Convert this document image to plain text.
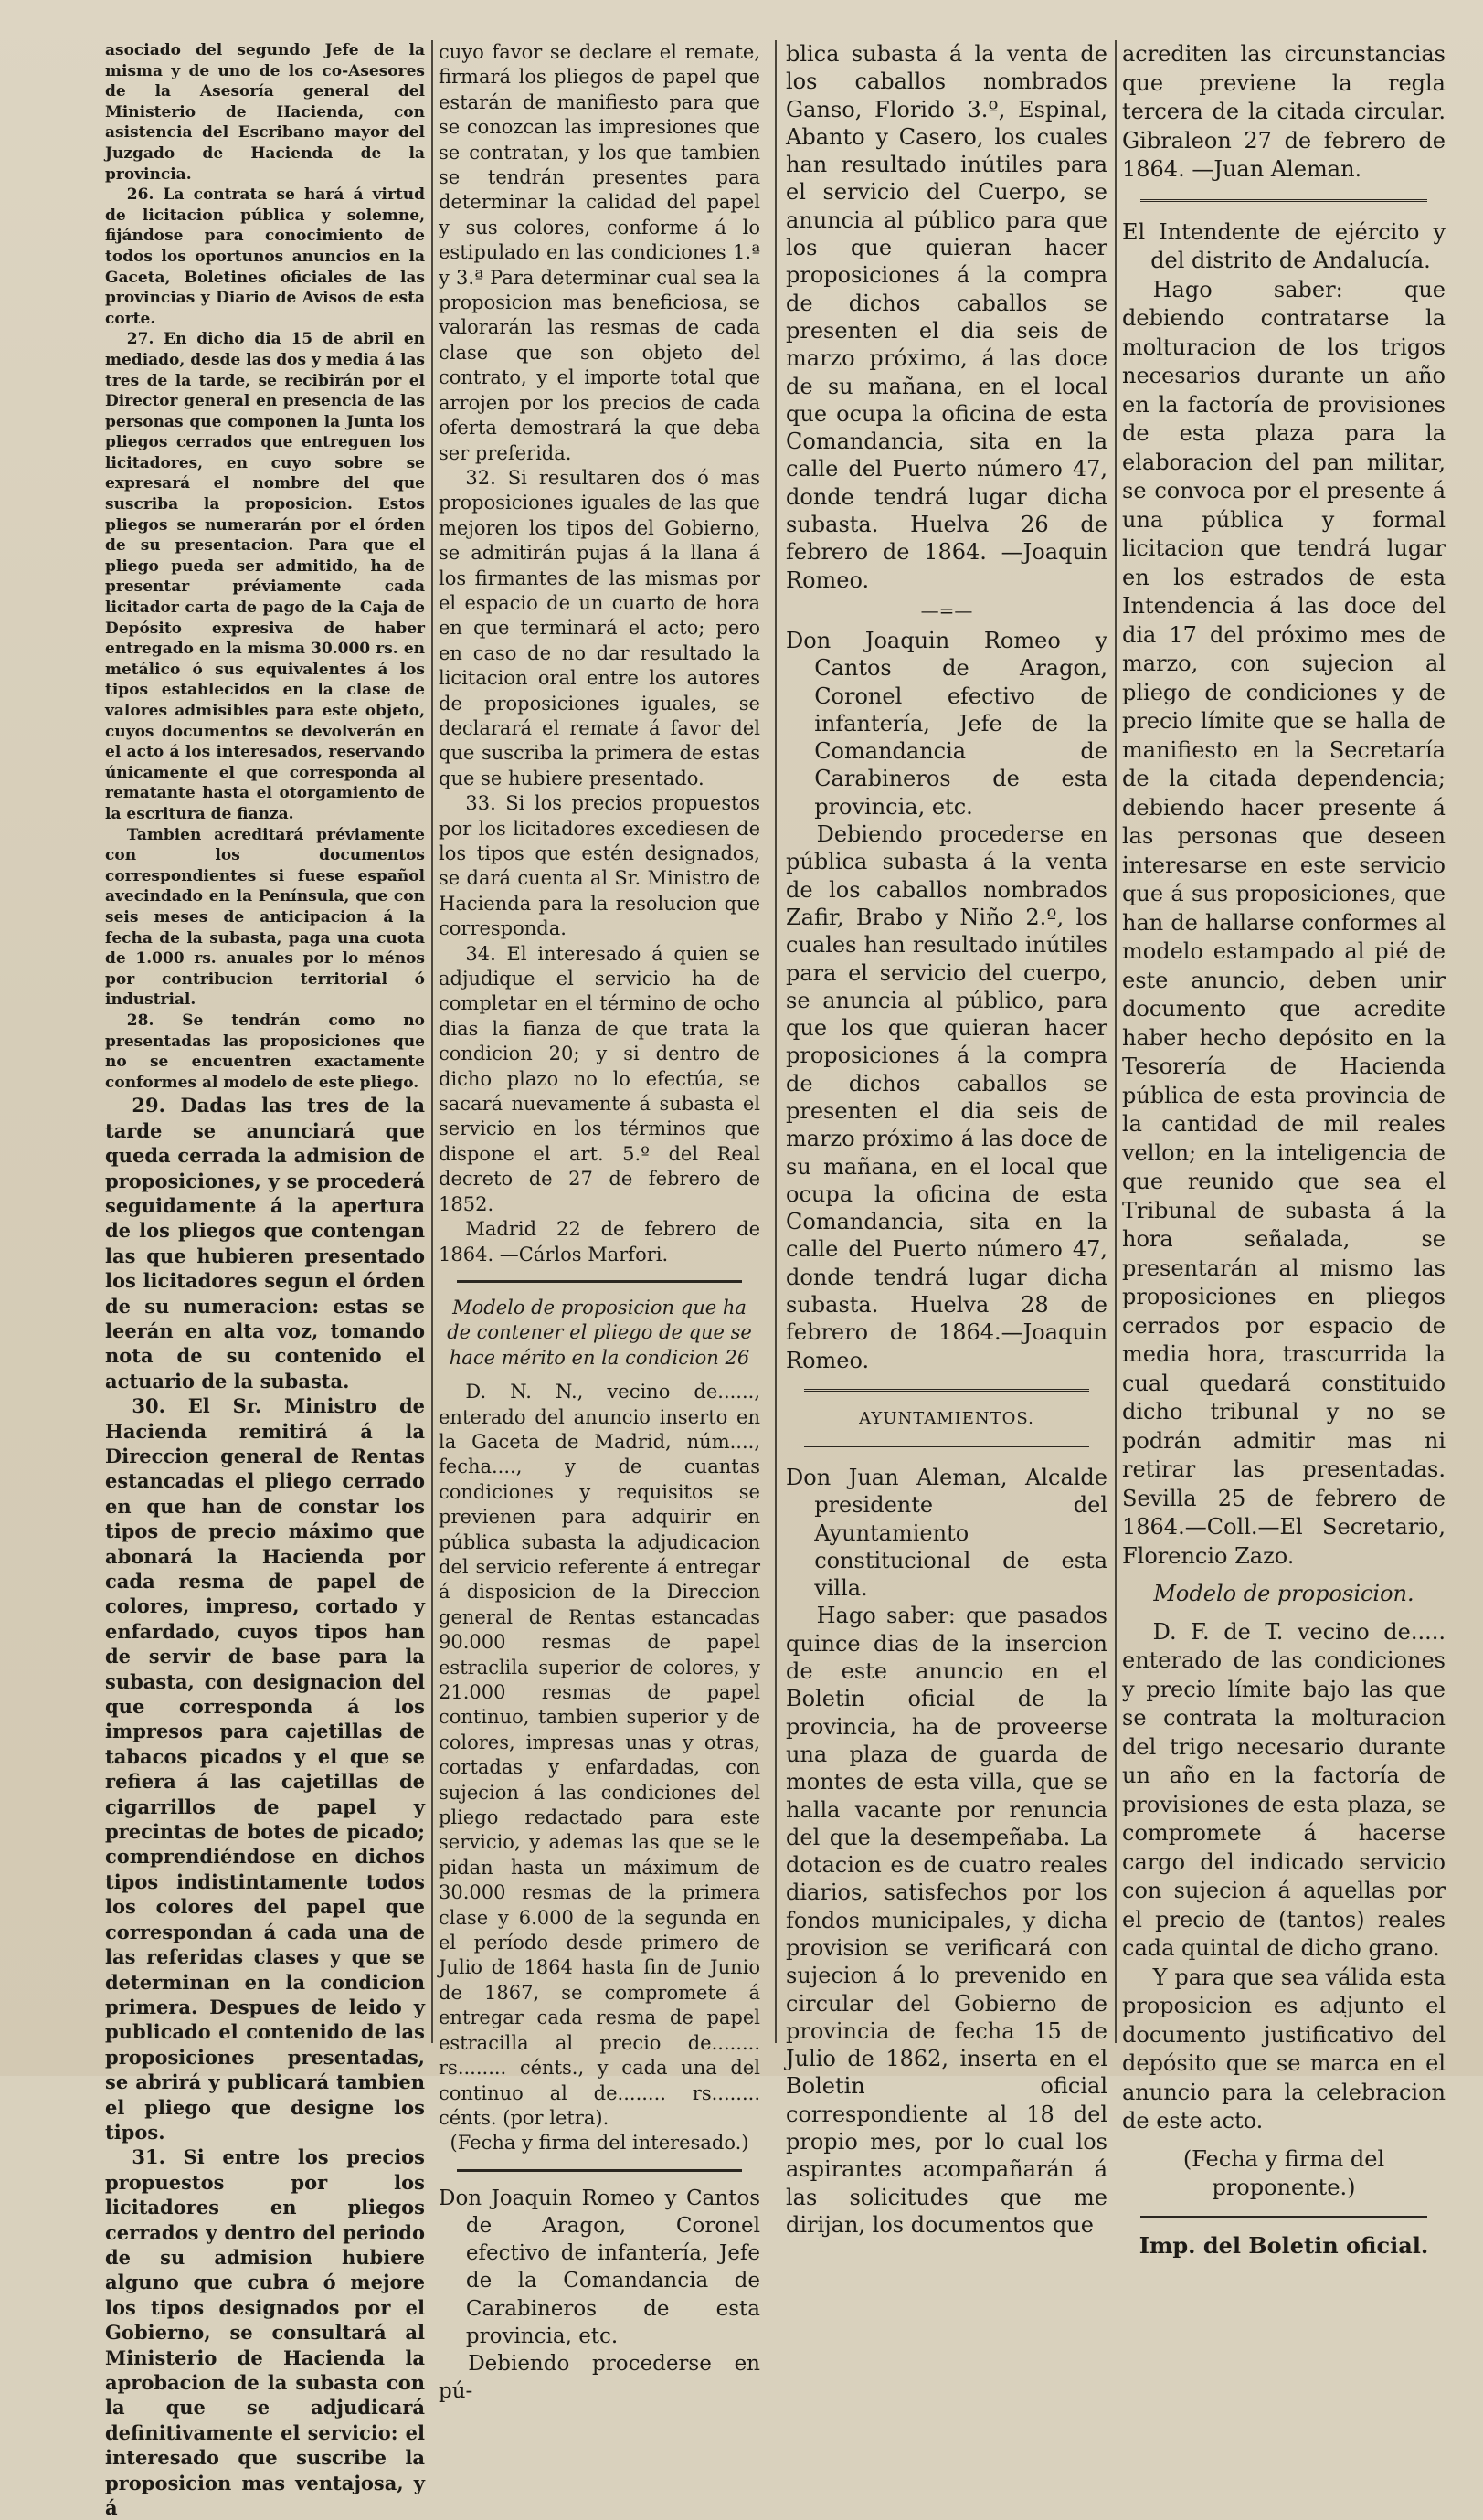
asociado del segundo Jefe de la misma y de uno de los co-Asesores de la Asesoría general del Ministerio de Hacienda, con asistencia del Escribano mayor del Juzgado de Hacienda de la provincia.

26. La contrata se hará á virtud de licitacion pública y solemne, fijándose para conocimiento de todos los oportunos anuncios en la Gaceta, Boletines oficiales de las provincias y Diario de Avisos de esta corte.

27. En dicho dia 15 de abril en mediado, desde las dos y media á las tres de la tarde, se recibirán por el Director general en presencia de las personas que componen la Junta los pliegos cerrados que entreguen los licitadores, en cuyo sobre se expresará el nombre del que suscriba la proposicion. Estos pliegos se numerarán por el órden de su presentacion. Para que el pliego pueda ser admitido, ha de presentar préviamente cada licitador carta de pago de la Caja de Depósito expresiva de haber entregado en la misma 30.000 rs. en metálico ó sus equivalentes á los tipos establecidos en la clase de valores admisibles para este objeto, cuyos documentos se devolverán en el acto á los interesados, reservando únicamente el que corresponda al rematante hasta el otorgamiento de la escritura de fianza.

Tambien acreditará préviamente con los documentos correspondientes si fuese español avecindado en la Península, que con seis meses de anticipacion á la fecha de la subasta, paga una cuota de 1.000 rs. anuales por lo ménos por contribucion territorial ó industrial.

28. Se tendrán como no presentadas las proposiciones que no se encuentren exactamente conformes al modelo de este pliego.

29. Dadas las tres de la tarde se anunciará que queda cerrada la admision de proposiciones, y se procederá seguidamente á la apertura de los pliegos que contengan las que hubieren presentado los licitadores segun el órden de su numeracion: estas se leerán en alta voz, tomando nota de su contenido el actuario de la subasta.

30. El Sr. Ministro de Hacienda remitirá á la Direccion general de Rentas estancadas el pliego cerrado en que han de constar los tipos de precio máximo que abonará la Hacienda por cada resma de papel de colores, impreso, cortado y enfardado, cuyos tipos han de servir de base para la subasta, con designacion del que corresponda á los impresos para cajetillas de tabacos picados y el que se refiera á las cajetillas de cigarrillos de papel y precintas de botes de picado; comprendiéndose en dichos tipos indistintamente todos los colores del papel que correspondan á cada una de las referidas clases y que se determinan en la condicion primera. Despues de leido y publicado el contenido de las proposiciones presentadas, se abrirá y publicará tambien el pliego que designe los tipos.

31. Si entre los precios propuestos por los licitadores en pliegos cerrados y dentro del periodo de su admision hubiere alguno que cubra ó mejore los tipos designados por el Gobierno, se consultará al Ministerio de Hacienda la aprobacion de la subasta con la que se adjudicará definitivamente el servicio: el interesado que suscribe la proposicion mas ventajosa, y á

cuyo favor se declare el remate, firmará los pliegos de papel que estarán de manifiesto para que se conozcan las impresiones que se contratan, y los que tambien se tendrán presentes para determinar la calidad del papel y sus colores, conforme á lo estipulado en las condiciones 1.ª y 3.ª Para determinar cual sea la proposicion mas beneficiosa, se valorarán las resmas de cada clase que son objeto del contrato, y el importe total que arrojen por los precios de cada oferta demostrará la que deba ser preferida.

32. Si resultaren dos ó mas proposiciones iguales de las que mejoren los tipos del Gobierno, se admitirán pujas á la llana á los firmantes de las mismas por el espacio de un cuarto de hora en que terminará el acto; pero en caso de no dar resultado la licitacion oral entre los autores de proposiciones iguales, se declarará el remate á favor del que suscriba la primera de estas que se hubiere presentado.

33. Si los precios propuestos por los licitadores excediesen de los tipos que estén designados, se dará cuenta al Sr. Ministro de Hacienda para la resolucion que corresponda.

34. El interesado á quien se adjudique el servicio ha de completar en el término de ocho dias la fianza de que trata la condicion 20; y si dentro de dicho plazo no lo efectúa, se sacará nuevamente á subasta el servicio en los términos que dispone el art. 5.º del Real decreto de 27 de febrero de 1852.

Madrid 22 de febrero de 1864. —Cárlos Marfori.

Modelo de proposicion que ha de contener el pliego de que se hace mérito en la condicion 26

D. N. N., vecino de......, enterado del anuncio inserto en la Gaceta de Madrid, núm...., fecha...., y de cuantas condiciones y requisitos se previenen para adquirir en pública subasta la adjudicacion del servicio referente á entregar á disposicion de la Direccion general de Rentas estancadas 90.000 resmas de papel estraclila superior de colores, y 21.000 resmas de papel continuo, tambien superior y de colores, impresas unas y otras, cortadas y enfardadas, con sujecion á las condiciones del pliego redactado para este servicio, y ademas las que se le pidan hasta un máximum de 30.000 resmas de la primera clase y 6.000 de la segunda en el período desde primero de Julio de 1864 hasta fin de Junio de 1867, se compromete á entregar cada resma de papel estracilla al precio de........ rs........ cénts., y cada una del continuo al de........ rs........ cénts. (por letra).

(Fecha y firma del interesado.)

Don Joaquin Romeo y Cantos de Aragon, Coronel efectivo de infantería, Jefe de la Comandancia de Carabineros de esta provincia, etc.

Debiendo procederse en pú-

blica subasta á la venta de los caballos nombrados Ganso, Florido 3.º, Espinal, Abanto y Casero, los cuales han resultado inútiles para el servicio del Cuerpo, se anuncia al público para que los que quieran hacer proposiciones á la compra de dichos caballos se presenten el dia seis de marzo próximo, á las doce de su mañana, en el local que ocupa la oficina de esta Comandancia, sita en la calle del Puerto número 47, donde tendrá lugar dicha subasta. Huelva 26 de febrero de 1864. —Joaquin Romeo.

—=—

Don Joaquin Romeo y Cantos de Aragon, Coronel efectivo de infantería, Jefe de la Comandancia de Carabineros de esta provincia, etc.

Debiendo procederse en pública subasta á la venta de los caballos nombrados Zafir, Brabo y Niño 2.º, los cuales han resultado inútiles para el servicio del cuerpo, se anuncia al público, para que los que quieran hacer proposiciones á la compra de dichos caballos se presenten el dia seis de marzo próximo á las doce de su mañana, en el local que ocupa la oficina de esta Comandancia, sita en la calle del Puerto número 47, donde tendrá lugar dicha subasta. Huelva 28 de febrero de 1864.—Joaquin Romeo.

AYUNTAMIENTOS.

Don Juan Aleman, Alcalde presidente del Ayuntamiento constitucional de esta villa.

Hago saber: que pasados quince dias de la insercion de este anuncio en el Boletin oficial de la provincia, ha de proveerse una plaza de guarda de montes de esta villa, que se halla vacante por renuncia del que la desempeñaba. La dotacion es de cuatro reales diarios, satisfechos por los fondos municipales, y dicha provision se verificará con sujecion á lo prevenido en circular del Gobierno de provincia de fecha 15 de Julio de 1862, inserta en el Boletin oficial correspondiente al 18 del propio mes, por lo cual los aspirantes acompañarán á las solicitudes que me dirijan, los documentos que

acrediten las circunstancias que previene la regla tercera de la citada circular. Gibraleon 27 de febrero de 1864. —Juan Aleman.

El Intendente de ejército y del distrito de Andalucía.

Hago saber: que debiendo contratarse la molturacion de los trigos necesarios durante un año en la factoría de provisiones de esta plaza para la elaboracion del pan militar, se convoca por el presente á una pública y formal licitacion que tendrá lugar en los estrados de esta Intendencia á las doce del dia 17 del próximo mes de marzo, con sujecion al pliego de condiciones y de precio límite que se halla de manifiesto en la Secretaría de la citada dependencia; debiendo hacer presente á las personas que deseen interesarse en este servicio que á sus proposiciones, que han de hallarse conformes al modelo estampado al pié de este anuncio, deben unir documento que acredite haber hecho depósito en la Tesorería de Hacienda pública de esta provincia de la cantidad de mil reales vellon; en la inteligencia de que reunido que sea el Tribunal de subasta á la hora señalada, se presentarán al mismo las proposiciones en pliegos cerrados por espacio de media hora, trascurrida la cual quedará constituido dicho tribunal y no se podrán admitir mas ni retirar las presentadas. Sevilla 25 de febrero de 1864.—Coll.—El Secretario, Florencio Zazo.

Modelo de proposicion.

D. F. de T. vecino de..... enterado de las condiciones y precio límite bajo las que se contrata la molturacion del trigo necesario durante un año en la factoría de provisiones de esta plaza, se compromete á hacerse cargo del indicado servicio con sujecion á aquellas por el precio de (tantos) reales cada quintal de dicho grano.

Y para que sea válida esta proposicion es adjunto el documento justificativo del depósito que se marca en el anuncio para la celebracion de este acto.

(Fecha y firma del proponente.)

Imp. del Boletin oficial.
